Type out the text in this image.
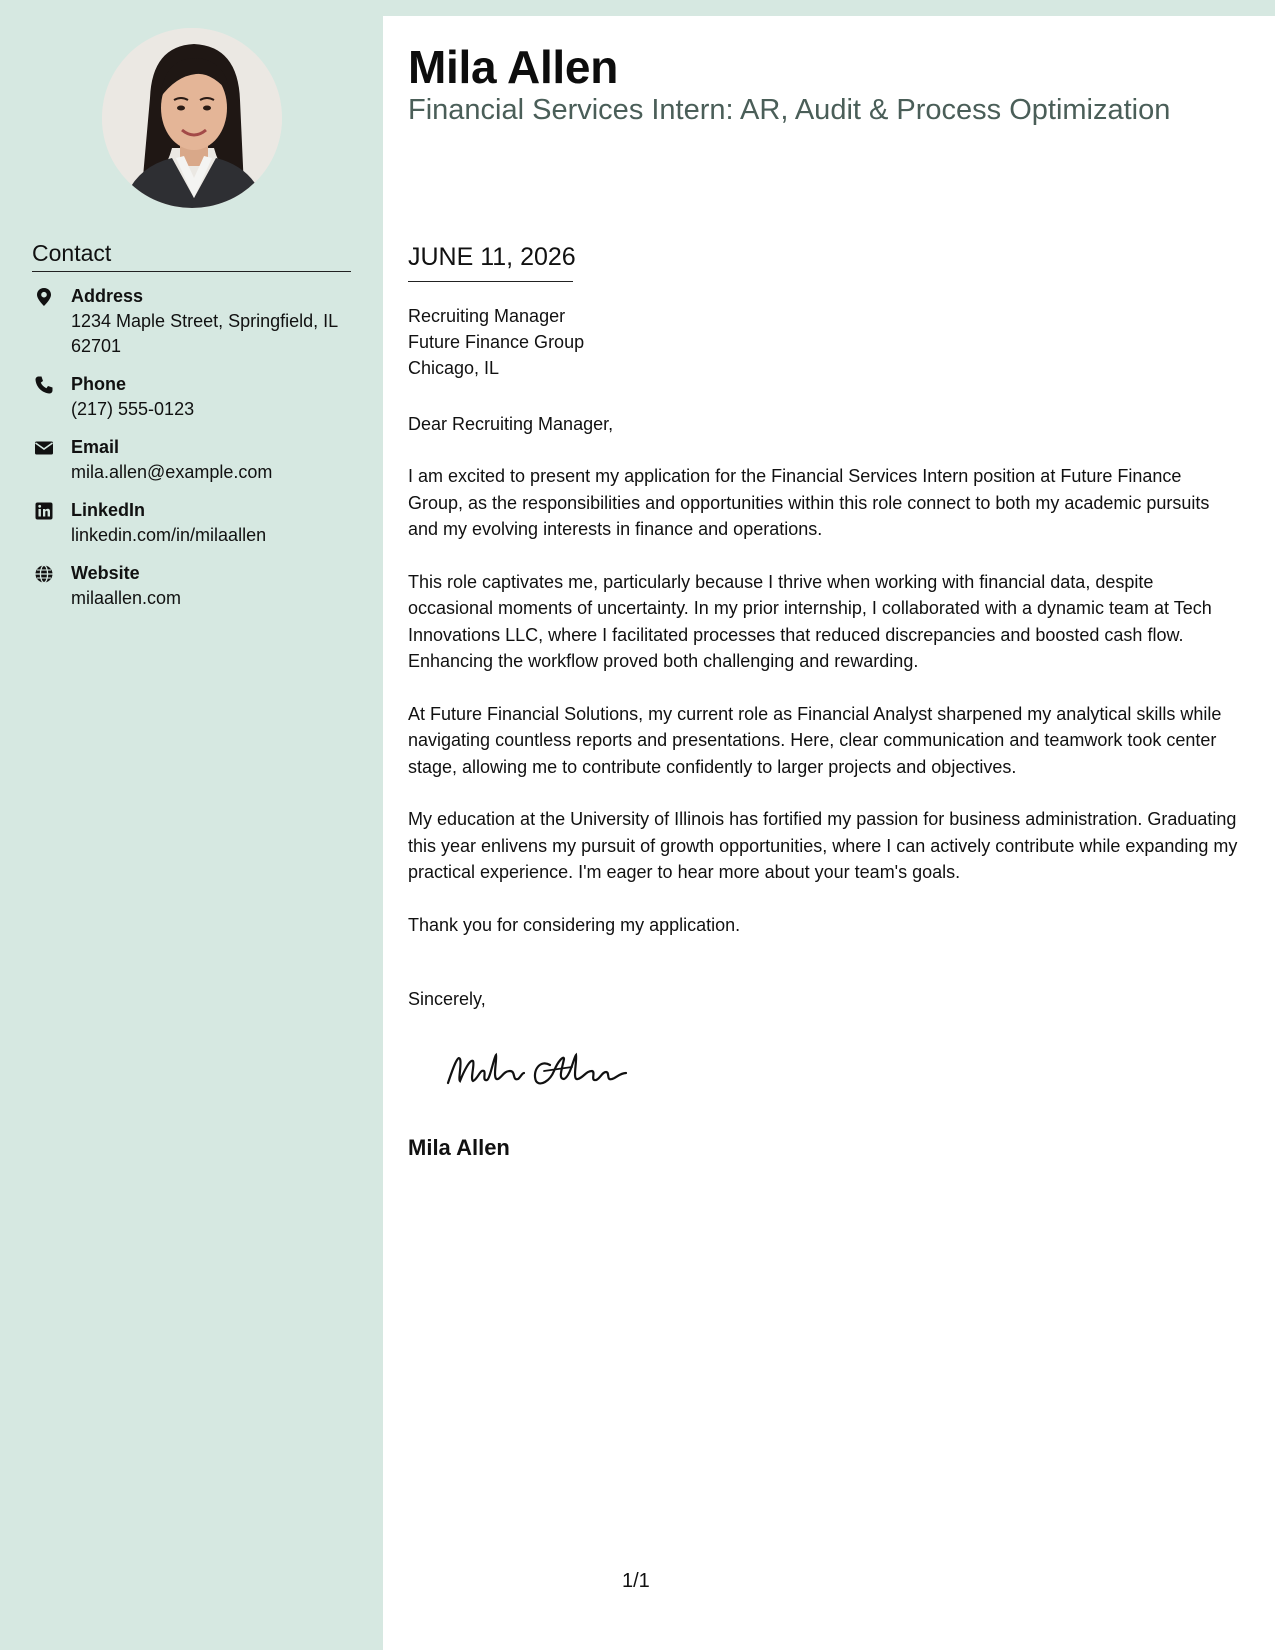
Contact
Address
1234 Maple Street, Springfield, IL 62701
Phone
(217) 555-0123
Email
mila.allen@example.com
LinkedIn
linkedin.com/in/milaallen
Website
milaallen.com
Mila Allen
Financial Services Intern: AR, Audit & Process Optimization
JUNE 11, 2026
Recruiting Manager
Future Finance Group
Chicago, IL
Dear Recruiting Manager,

I am excited to present my application for the Financial Services Intern position at Future Finance Group, as the responsibilities and opportunities within this role connect to both my academic pursuits and my evolving interests in finance and operations.

This role captivates me, particularly because I thrive when working with financial data, despite occasional moments of uncertainty. In my prior internship, I collaborated with a dynamic team at Tech Innovations LLC, where I facilitated processes that reduced discrepancies and boosted cash flow. Enhancing the workflow proved both challenging and rewarding.

At Future Financial Solutions, my current role as Financial Analyst sharpened my analytical skills while navigating countless reports and presentations. Here, clear communication and teamwork took center stage, allowing me to contribute confidently to larger projects and objectives.

My education at the University of Illinois has fortified my passion for business administration. Graduating this year enlivens my pursuit of growth opportunities, where I can actively contribute while expanding my practical experience. I'm eager to hear more about your team's goals.

Thank you for considering my application.

Sincerely,
Mila Allen
1/1
